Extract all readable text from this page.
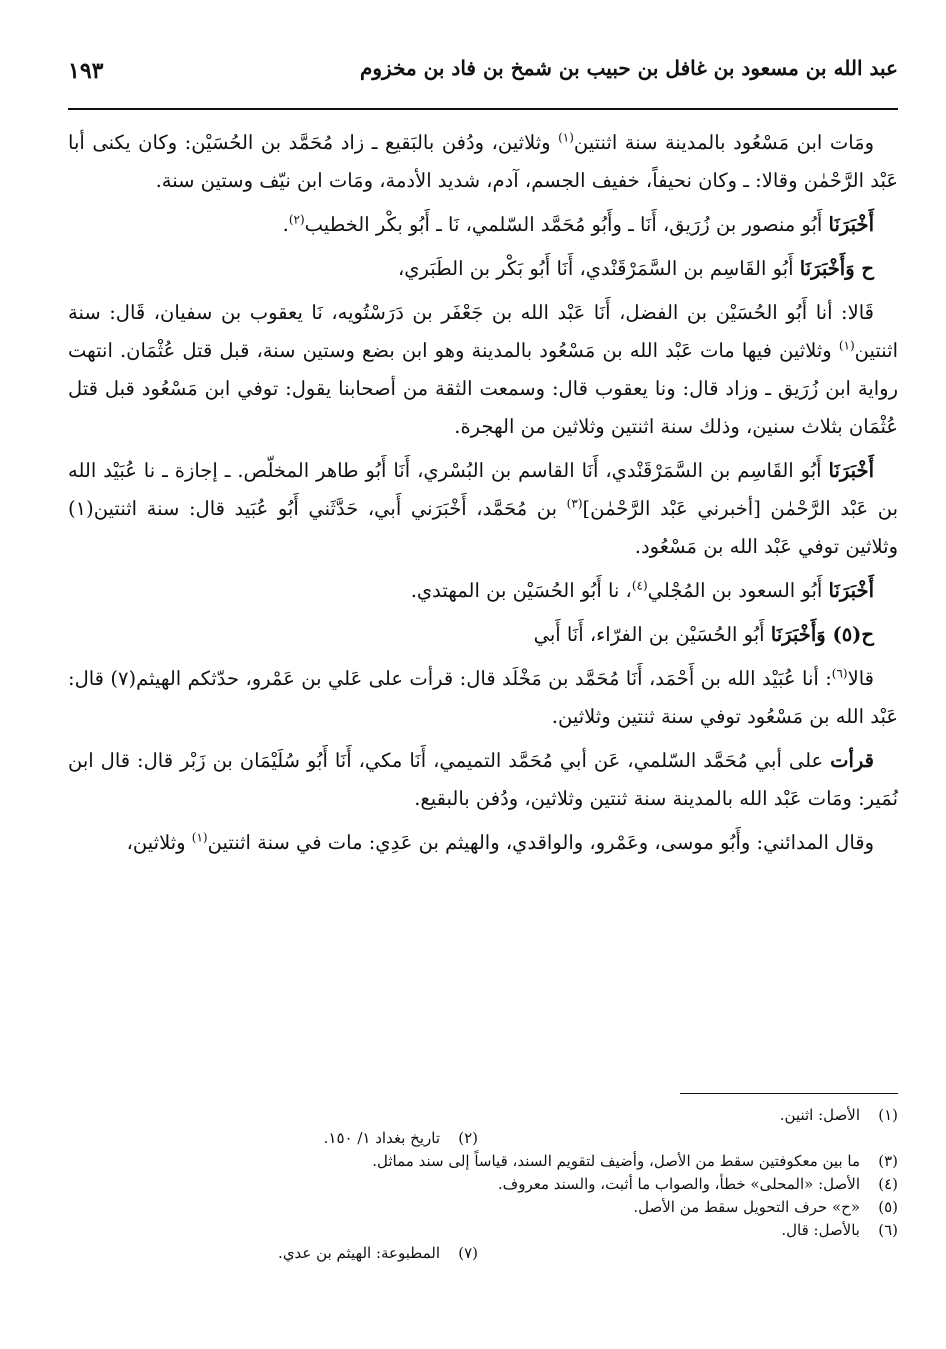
عبد الله بن مسعود بن غافل بن حبيب بن شمخ بن فاد بن مخزوم
١٩٣

ومَات ابن مَسْعُود بالمدينة سنة اثنتين$^{(١)}$ وثلاثين، ودُفن بالبَقيع ـ زاد مُحَمَّد بن الحُسَيْن: وكان يكنى أبا عَبْد الرَّحْمٰن وقالا: ـ وكان نحيفاً، خفيف الجسم، آدم، شديد الأدمة، ومَات ابن نيّف وستين سنة.

أَخْبَرَنَا أَبُو منصور بن زُرَيق، أَنَا ـ وأَبُو مُحَمَّد السّلمي، نَا ـ أَبُو بكْر الخطيب$^{(٢)}$.

ح وَأَخْبَرَنَا أَبُو القَاسِم بن السَّمَرْقَنْدي، أَنَا أَبُو بَكْر بن الطَبَري،

قَالا: أنا أَبُو الحُسَيْن بن الفضل، أَنَا عَبْد الله بن جَعْفَر بن دَرَسْتُويه، نَا يعقوب بن سفيان، قَال: سنة اثنتين$^{(١)}$ وثلاثين فيها مات عَبْد الله بن مَسْعُود بالمدينة وهو ابن بضع وستين سنة، قبل قتل عُثْمَان. انتهت رواية ابن زُرَيق ـ وزاد قال: ونا يعقوب قال: وسمعت الثقة من أصحابنا يقول: توفي ابن مَسْعُود قبل قتل عُثْمَان بثلاث سنين، وذلك سنة اثنتين وثلاثين من الهجرة.

أَخْبَرَنَا أَبُو القَاسِم بن السَّمَرْقَنْدي، أَنَا القاسم بن البُسْري، أَنَا أَبُو طاهر المخلّص. ـ إجازة ـ نا عُبَيْد الله بن عَبْد الرَّحْمٰن [أخبرني عَبْد الرَّحْمٰن]$^{(٣)}$ بن مُحَمَّد، أَخْبَرَني أَبي، حَدَّثَني أَبُو عُبَيد قال: سنة اثنتين(١) وثلاثين توفي عَبْد الله بن مَسْعُود.

أَخْبَرَنَا أَبُو السعود بن المُجْلي$^{(٤)}$، نا أَبُو الحُسَيْن بن المهتدي.

ح(٥) وَأَخْبَرَنَا أَبُو الحُسَيْن بن الفرّاء، أَنَا أَبي

قالا$^{(٦)}$: أنا عُبَيْد الله بن أَحْمَد، أَنَا مُحَمَّد بن مَخْلَد قال: قرأت على عَلي بن عَمْرو، حدّثكم الهيثم(٧) قال: عَبْد الله بن مَسْعُود توفي سنة ثنتين وثلاثين.

قرأت على أبي مُحَمَّد السّلمي، عَن أبي مُحَمَّد التميمي، أَنَا مكي، أَنَا أَبُو سُلَيْمَان بن زَبْر قال: قال ابن نُمَير: ومَات عَبْد الله بالمدينة سنة ثنتين وثلاثين، ودُفن بالبقيع.

وقال المدائني: وأَبُو موسى، وعَمْرو، والواقدي، والهيثم بن عَدِي: مات في سنة اثنتين$^{(١)}$ وثلاثين،

(١)
الأصل: اثنين.
(٢)
تاريخ بغداد ١/ ١٥٠.
(٣)
ما بين معكوفتين سقط من الأصل، وأضيف لتقويم السند، قياساً إلى سند مماثل.
(٤)
الأصل: «المحلى» خطأ، والصواب ما أثبت، والسند معروف.
(٥)
«ح» حرف التحويل سقط من الأصل.
(٦)
بالأصل: قال.
(٧)
المطبوعة: الهيثم بن عدي.
